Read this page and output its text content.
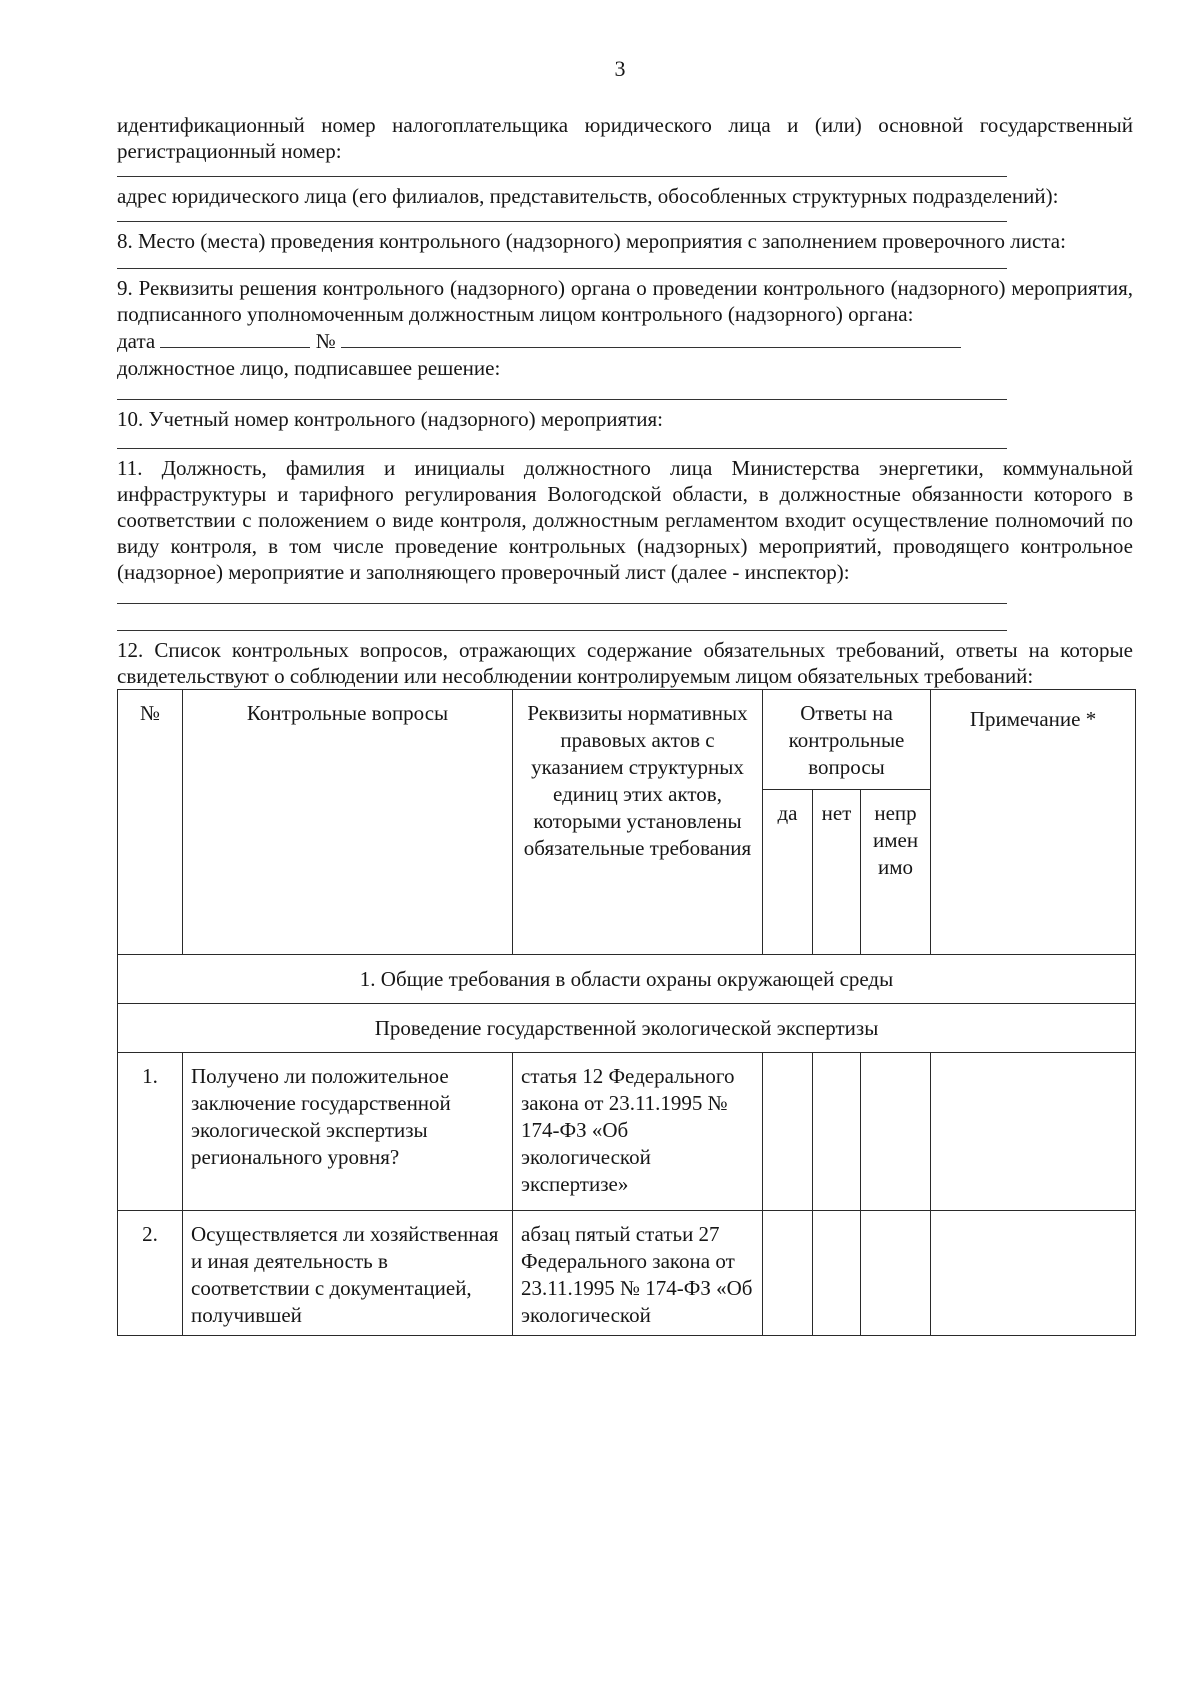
3

идентификационный номер налогоплательщика юридического лица и (или) основной государственный регистрационный номер:

адрес юридического лица (его филиалов, представительств, обособленных структурных подразделений):

8. Место (места) проведения контрольного (надзорного) мероприятия с заполнением проверочного листа:

9. Реквизиты решения контрольного (надзорного) органа о проведении контрольного (надзорного) мероприятия, подписанного уполномоченным должностным лицом контрольного (надзорного) органа:

дата	№

должностное лицо, подписавшее решение:

10. Учетный номер контрольного (надзорного) мероприятия:

11. Должность, фамилия и инициалы должностного лица Министерства энергетики, коммунальной инфраструктуры и тарифного регулирования Вологодской области, в должностные обязанности которого в соответствии с положением о виде контроля, должностным регламентом входит осуществление полномочий по виду контроля, в том числе проведение контрольных (надзорных) мероприятий, проводящего контрольное (надзорное) мероприятие и заполняющего проверочный лист (далее - инспектор):

12. Список контрольных вопросов, отражающих содержание обязательных требований, ответы на которые свидетельствуют о соблюдении или несоблюдении контролируемым лицом обязательных требований:

№	Контрольные вопросы	Реквизиты нормативных правовых актов с указанием структурных единиц этих актов, которыми установлены обязательные требования	Ответы на контрольные вопросы			Примечание *
			да	нет	непр имен имо	
1. Общие требования в области охраны окружающей среды						
Проведение государственной экологической экспертизы						
1.	Получено ли положительное заключение государственной экологической экспертизы регионального уровня?	статья 12 Федерального закона от 23.11.1995 № 174-ФЗ «Об экологической экспертизе»				
2.	Осуществляется ли хозяйственная и иная деятельность в соответствии с документацией, получившей	абзац пятый статьи 27 Федерального закона от 23.11.1995 № 174-ФЗ «Об экологической				
